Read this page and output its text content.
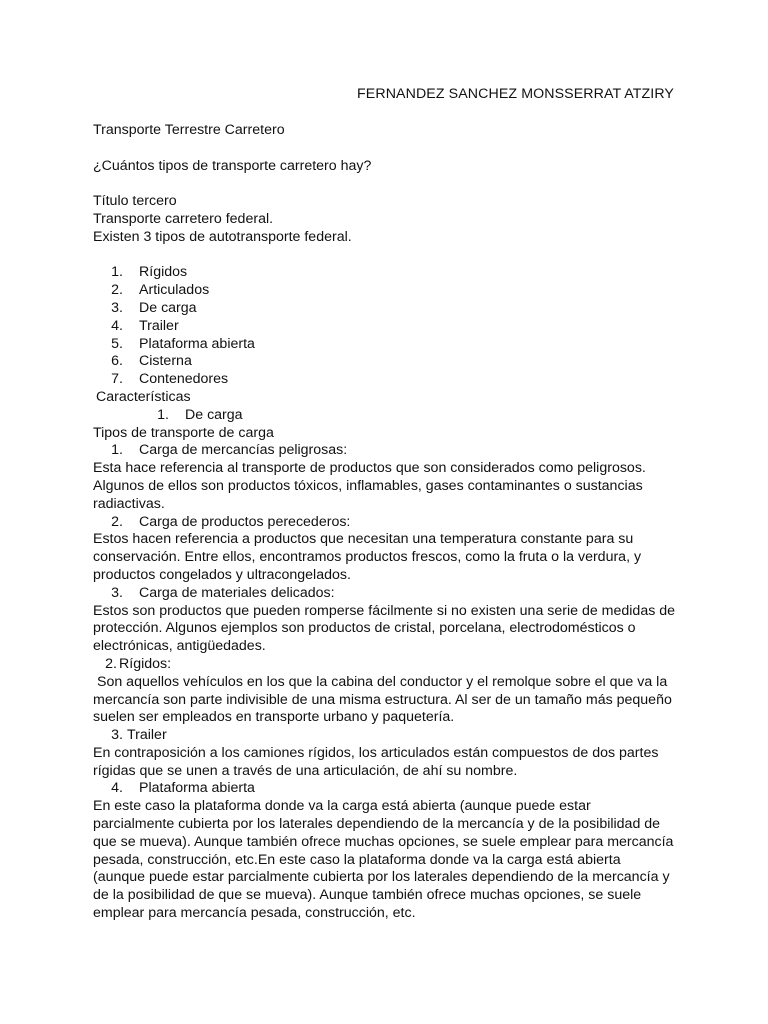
FERNANDEZ SANCHEZ MONSSERRAT ATZIRY
Transporte Terrestre Carretero
¿Cuántos tipos de transporte carretero hay?
Título tercero
Transporte carretero federal.
Existen 3 tipos de autotransporte federal.
1. Rígidos
2. Articulados
3. De carga
4. Trailer
5. Plataforma abierta
6. Cisterna
7. Contenedores
Características
1. De carga
Tipos de transporte de carga
1. Carga de mercancías peligrosas:
Esta hace referencia al transporte de productos que son considerados como peligrosos.
Algunos de ellos son productos tóxicos, inflamables, gases contaminantes o sustancias
radiactivas.
2. Carga de productos perecederos:
Estos hacen referencia a productos que necesitan una temperatura constante para su
conservación. Entre ellos, encontramos productos frescos, como la fruta o la verdura, y
productos congelados y ultracongelados.
3. Carga de materiales delicados:
Estos son productos que pueden romperse fácilmente si no existen una serie de medidas de
protección. Algunos ejemplos son productos de cristal, porcelana, electrodomésticos o
electrónicas, antigüedades.
2. Rígidos:
Son aquellos vehículos en los que la cabina del conductor y el remolque sobre el que va la
mercancía son parte indivisible de una misma estructura. Al ser de un tamaño más pequeño
suelen ser empleados en transporte urbano y paquetería.
3. Trailer
En contraposición a los camiones rígidos, los articulados están compuestos de dos partes
rígidas que se unen a través de una articulación, de ahí su nombre.
4. Plataforma abierta
En este caso la plataforma donde va la carga está abierta (aunque puede estar
parcialmente cubierta por los laterales dependiendo de la mercancía y de la posibilidad de
que se mueva). Aunque también ofrece muchas opciones, se suele emplear para mercancía
pesada, construcción, etc.En este caso la plataforma donde va la carga está abierta
(aunque puede estar parcialmente cubierta por los laterales dependiendo de la mercancía y
de la posibilidad de que se mueva). Aunque también ofrece muchas opciones, se suele
emplear para mercancía pesada, construcción, etc.
